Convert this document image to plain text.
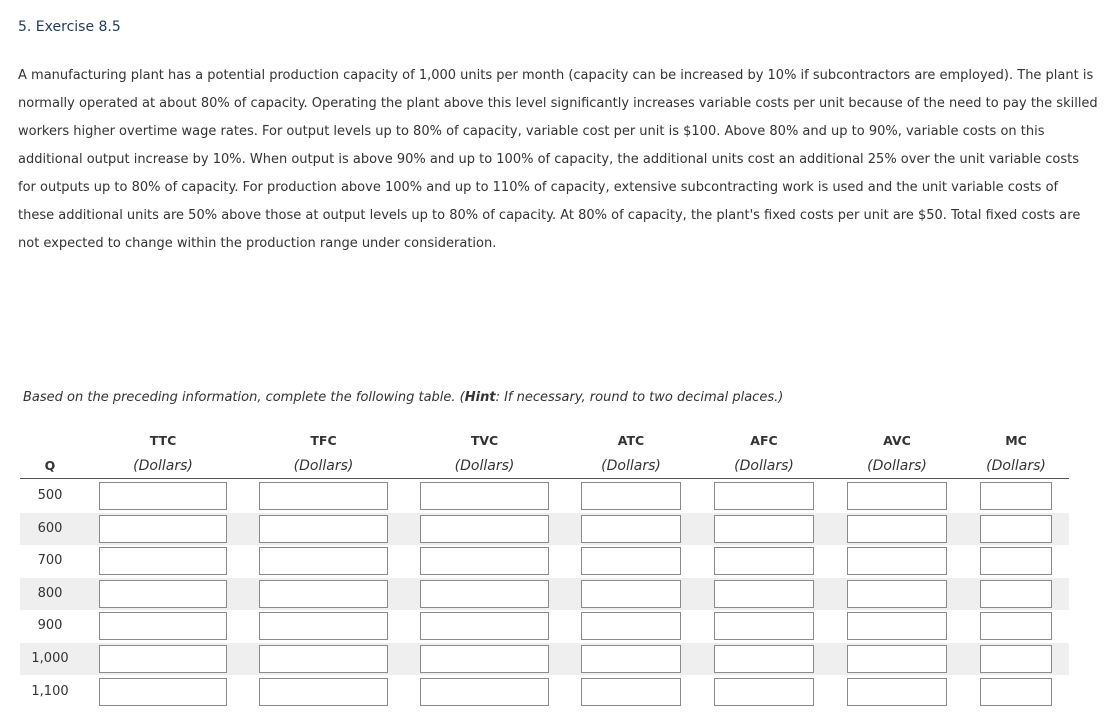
5. Exercise 8.5

A manufacturing plant has a potential production capacity of 1,000 units per month (capacity can be increased by 10% if subcontractors are employed). The plant is normally operated at about 80% of capacity. Operating the plant above this level significantly increases variable costs per unit because of the need to pay the skilled workers higher overtime wage rates. For output levels up to 80% of capacity, variable cost per unit is $100. Above 80% and up to 90%, variable costs on this additional output increase by 10%. When output is above 90% and up to 100% of capacity, the additional units cost an additional 25% over the unit variable costs for outputs up to 80% of capacity. For production above 100% and up to 110% of capacity, extensive subcontracting work is used and the unit variable costs of these additional units are 50% above those at output levels up to 80% of capacity. At 80% of capacity, the plant's fixed costs per unit are $50. Total fixed costs are not expected to change within the production range under consideration.

Based on the preceding information, complete the following table. (Hint: If necessary, round to two decimal places.)
Q
TTC
(Dollars)
TFC
(Dollars)
TVC
(Dollars)
ATC
(Dollars)
AFC
(Dollars)
AVC
(Dollars)
MC
(Dollars)
500
600
700
800
900
1,000
1,100
